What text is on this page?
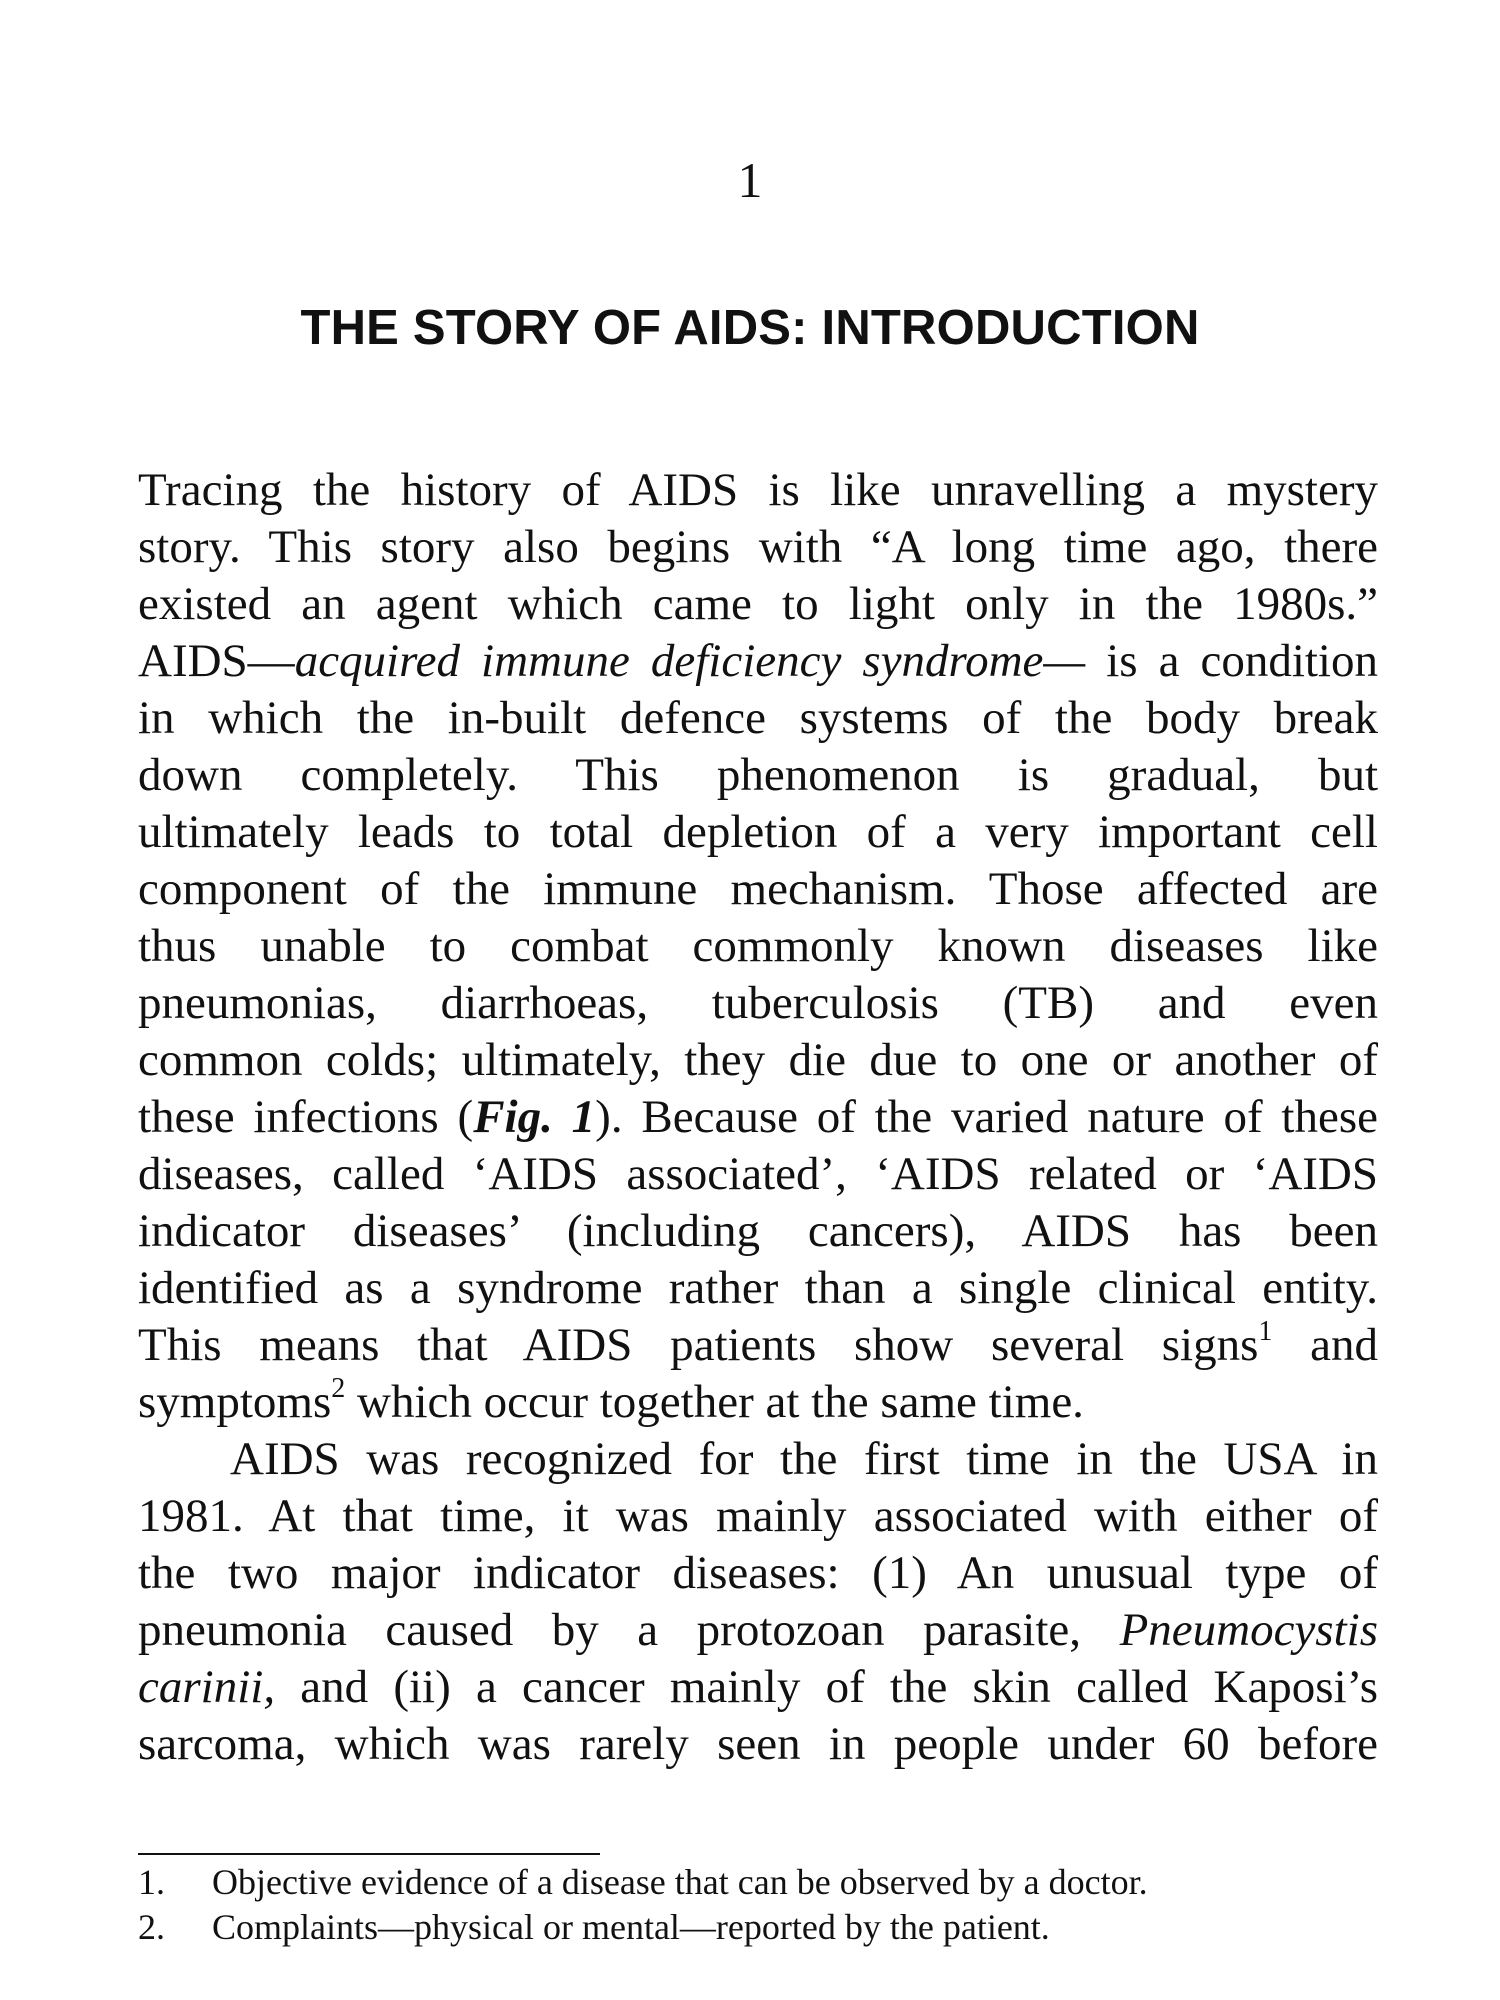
1
THE STORY OF AIDS: INTRODUCTION
Tracing the history of AIDS is like unravelling a mystery
story. This story also begins with “A long time ago, there
existed an agent which came to light only in the 1980s.”
AIDS—acquired immune deficiency syndrome— is a condition
in which the in-built defence systems of the body break
down completely. This phenomenon is gradual, but
ultimately leads to total depletion of a very important cell
component of the immune mechanism. Those affected are
thus unable to combat commonly known diseases like
pneumonias, diarrhoeas, tuberculosis (TB) and even
common colds; ultimately, they die due to one or another of
these infections (Fig. 1). Because of the varied nature of these
diseases, called ‘AIDS associated’, ‘AIDS related or ‘AIDS
indicator diseases’ (including cancers), AIDS has been
identified as a syndrome rather than a single clinical entity.
This means that AIDS patients show several signs$^1$ and
symptoms$^2$ which occur together at the same time.
AIDS was recognized for the first time in the USA in
1981. At that time, it was mainly associated with either of
the two major indicator diseases: (1) An unusual type of
pneumonia caused by a protozoan parasite, Pneumocystis
carinii, and (ii) a cancer mainly of the skin called Kaposi’s
sarcoma, which was rarely seen in people under 60 before
1.	Objective evidence of a disease that can be observed by a doctor.
2.	Complaints—physical or mental—reported by the patient.
